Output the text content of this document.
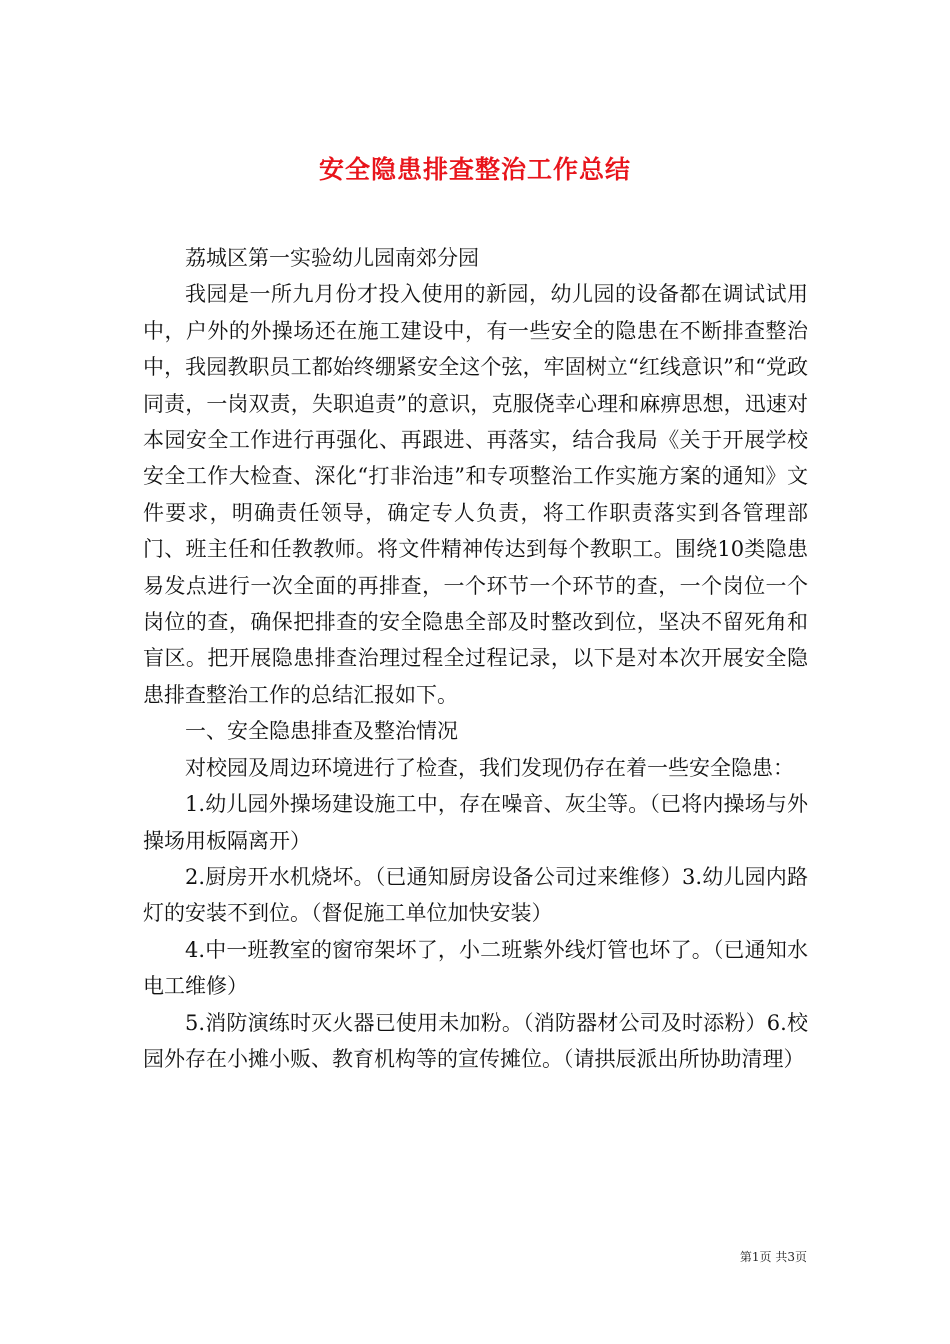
安全隐患排查整治工作总结

荔城区第一实验幼儿园南郊分园

我园是一所九月份才投入使用的新园，幼儿园的设备都在调试试用中，户外的外操场还在施工建设中，有一些安全的隐患在不断排查整治中，我园教职员工都始终绷紧安全这个弦，牢固树立“红线意识”和“党政同责，一岗双责，失职追责”的意识，克服侥幸心理和麻痹思想，迅速对本园安全工作进行再强化、再跟进、再落实，结合我局《关于开展学校安全工作大检查、深化“打非治违”和专项整治工作实施方案的通知》文件要求，明确责任领导，确定专人负责，将工作职责落实到各管理部门、班主任和任教教师。将文件精神传达到每个教职工。围绕10类隐患易发点进行一次全面的再排查，一个环节一个环节的查，一个岗位一个岗位的查，确保把排查的安全隐患全部及时整改到位，坚决不留死角和盲区。把开展隐患排查治理过程全过程记录，以下是对本次开展安全隐患排查整治工作的总结汇报如下。

一、安全隐患排查及整治情况

对校园及周边环境进行了检查，我们发现仍存在着一些安全隐患：

1.幼儿园外操场建设施工中，存在噪音、灰尘等。（已将内操场与外操场用板隔离开）

2.厨房开水机烧坏。（已通知厨房设备公司过来维修）3.幼儿园内路灯的安装不到位。（督促施工单位加快安装）

4.中一班教室的窗帘架坏了，小二班紫外线灯管也坏了。（已通知水电工维修）

5.消防演练时灭火器已使用未加粉。（消防器材公司及时添粉）6.校园外存在小摊小贩、教育机构等的宣传摊位。（请拱辰派出所协助清理）

第1页 共3页
